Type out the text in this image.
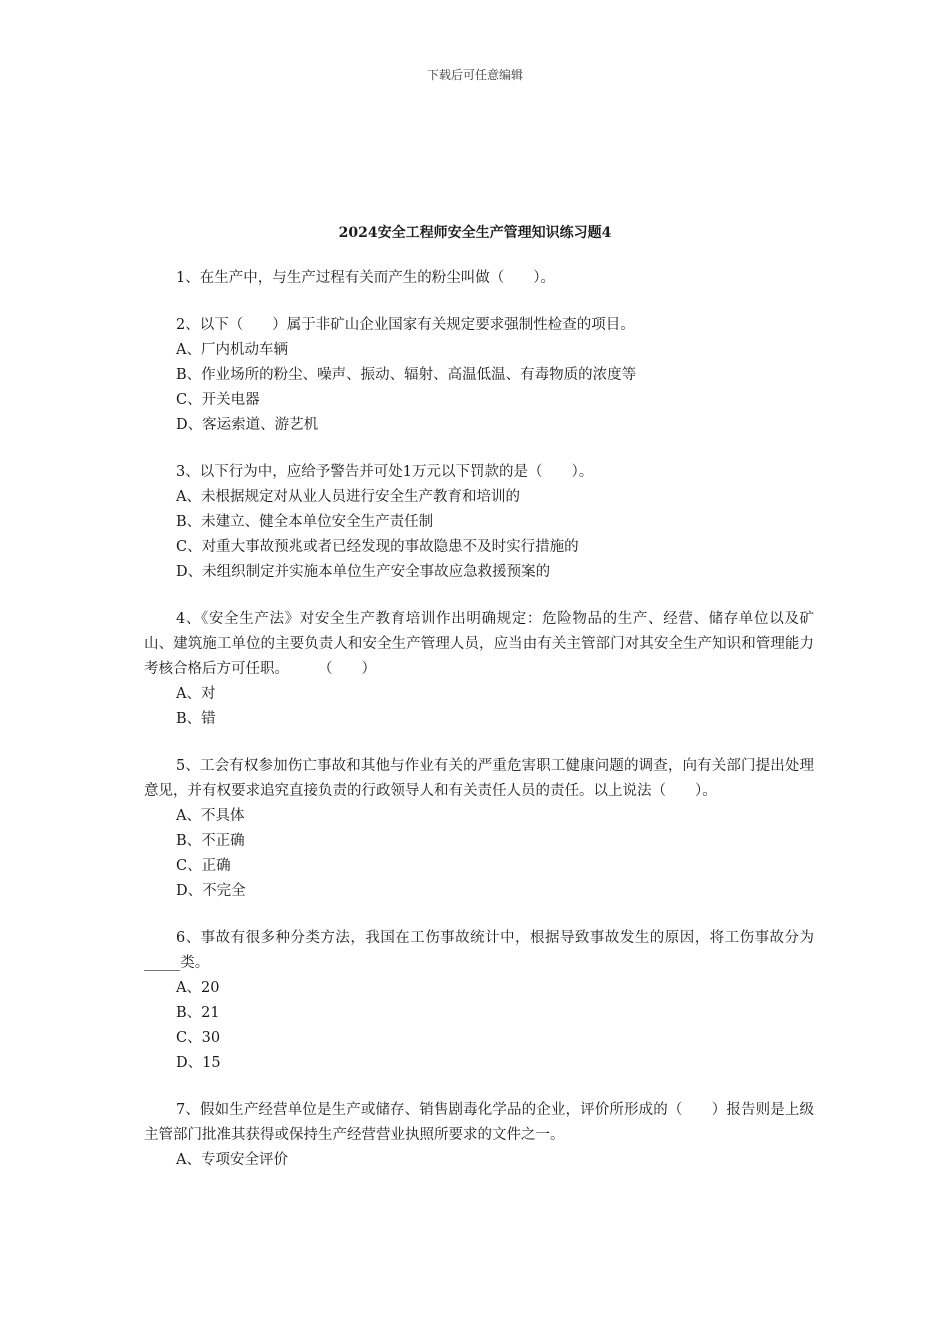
下载后可任意编辑
2024安全工程师安全生产管理知识练习题4

1、在生产中，与生产过程有关而产生的粉尘叫做（　　）。

2、以下（　　）属于非矿山企业国家有关规定要求强制性检查的项目。

A、厂内机动车辆

B、作业场所的粉尘、噪声、振动、辐射、高温低温、有毒物质的浓度等

C、开关电器

D、客运索道、游艺机

3、以下行为中，应给予警告并可处1万元以下罚款的是（　　）。

A、未根据规定对从业人员进行安全生产教育和培训的

B、未建立、健全本单位安全生产责任制

C、对重大事故预兆或者已经发现的事故隐患不及时实行措施的

D、未组织制定并实施本单位生产安全事故应急救援预案的

4、《安全生产法》对安全生产教育培训作出明确规定：危险物品的生产、经营、储存单位以及矿山、建筑施工单位的主要负责人和安全生产管理人员，应当由有关主管部门对其安全生产知识和管理能力考核合格后方可任职。　　　（　　）

A、对

B、错

5、工会有权参加伤亡事故和其他与作业有关的严重危害职工健康问题的调查，向有关部门提出处理意见，并有权要求追究直接负责的行政领导人和有关责任人员的责任。以上说法（　　）。

A、不具体

B、不正确

C、正确

D、不完全

6、事故有很多种分类方法，我国在工伤事故统计中，根据导致事故发生的原因，将工伤事故分为_____类。

A、20

B、21

C、30

D、15

7、假如生产经营单位是生产或储存、销售剧毒化学品的企业，评价所形成的（　　）报告则是上级主管部门批准其获得或保持生产经营营业执照所要求的文件之一。

A、专项安全评价
